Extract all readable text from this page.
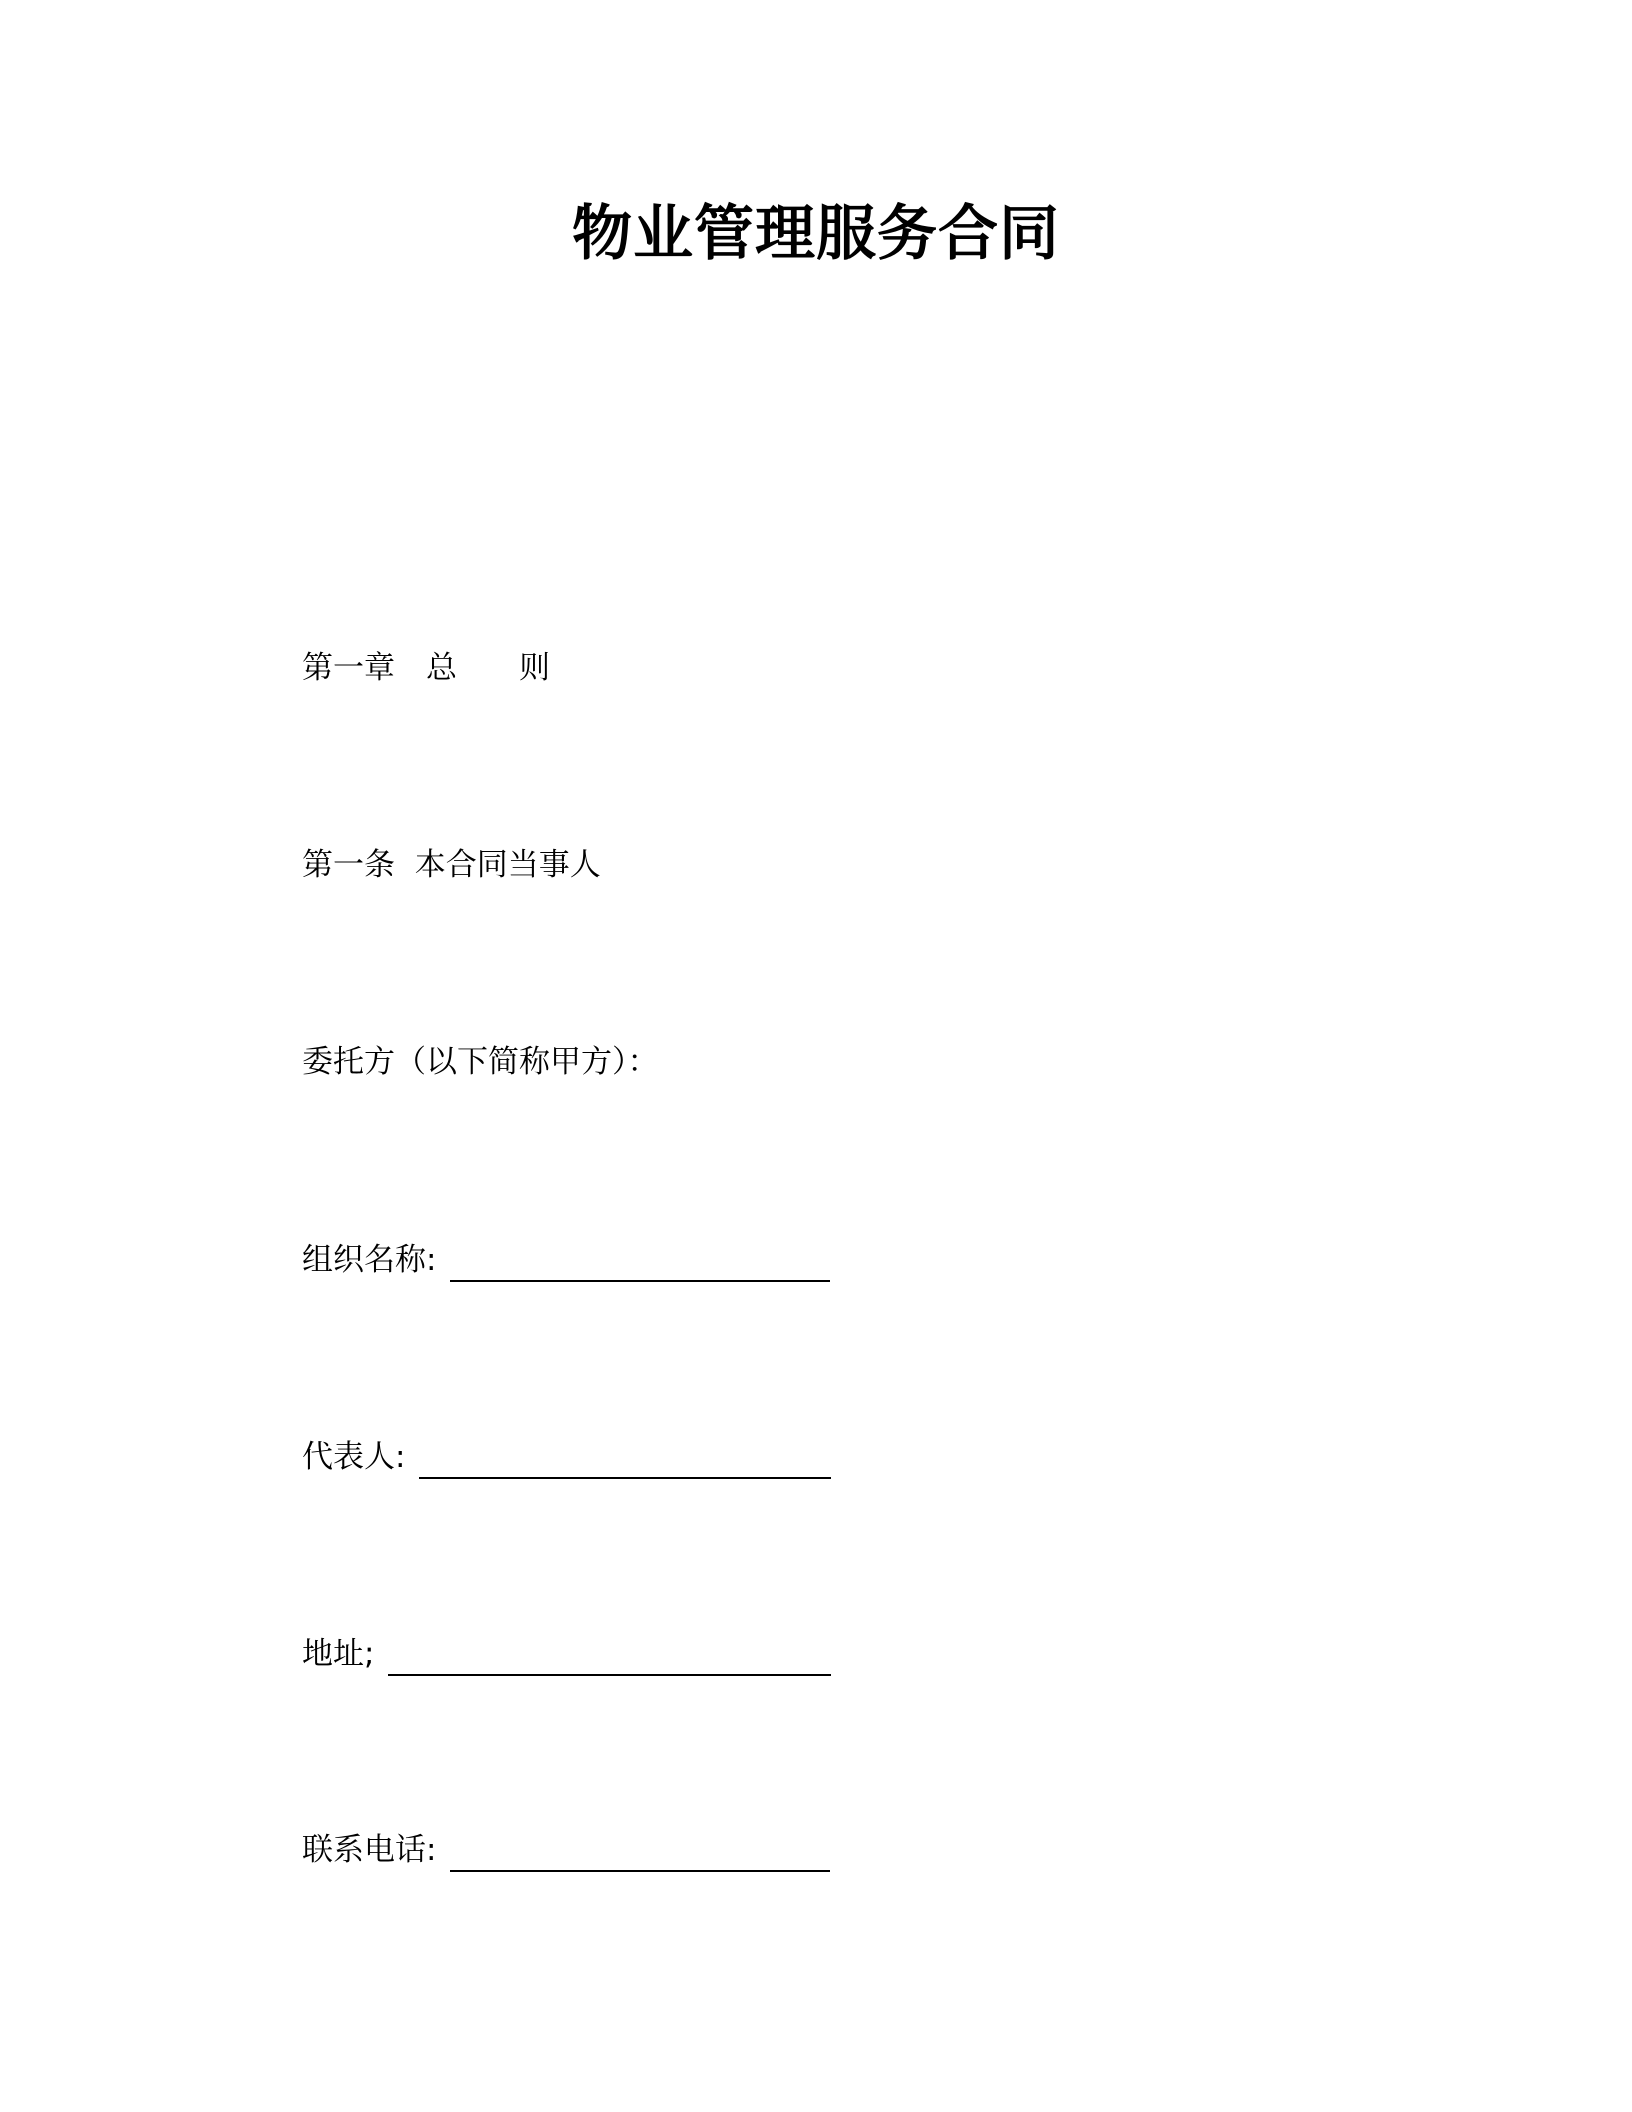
物业管理服务合同
第一章　总　　则
第一条  本合同当事人
委托方（以下简称甲方）：
组织名称:
代表人:
地址;
联系电话:
